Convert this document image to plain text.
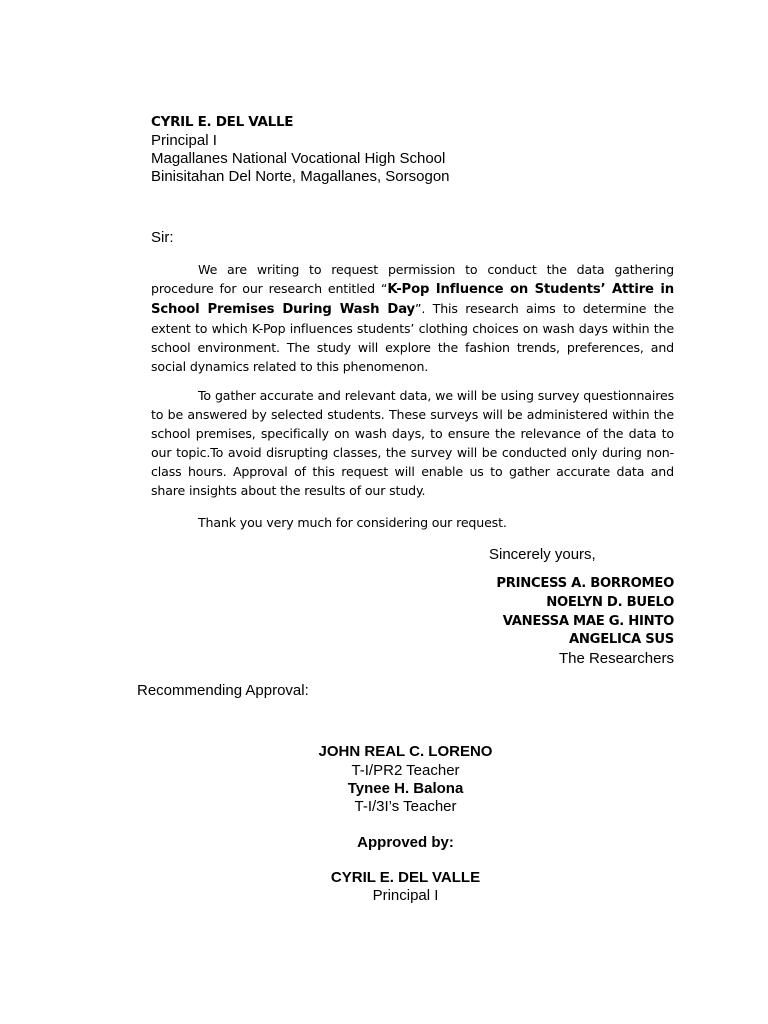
CYRIL E. DEL VALLE
Principal I
Magallanes National Vocational High School
Binisitahan Del Norte, Magallanes, Sorsogon
Sir:

We are writing to request permission to conduct the data gathering procedure for our research entitled “K-Pop Influence on Students’ Attire in School Premises During Wash Day”. This research aims to determine the extent to which K-Pop influences students’ clothing choices on wash days within the school environment. The study will explore the fashion trends, preferences, and social dynamics related to this phenomenon.

To gather accurate and relevant data, we will be using survey questionnaires to be answered by selected students. These surveys will be administered within the school premises, specifically on wash days, to ensure the relevance of the data to our topic.To avoid disrupting classes, the survey will be conducted only during non-class hours. Approval of this request will enable us to gather accurate data and share insights about the results of our study.

Thank you very much for considering our request.

Sincerely yours,
PRINCESS A. BORROMEO
NOELYN D. BUELO
VANESSA MAE G. HINTO
ANGELICA SUS
The Researchers
Recommending Approval:
JOHN REAL C. LORENO
T-I/PR2 Teacher
Tynee H. Balona
T-I/3I’s Teacher
Approved by:
CYRIL E. DEL VALLE
Principal I
